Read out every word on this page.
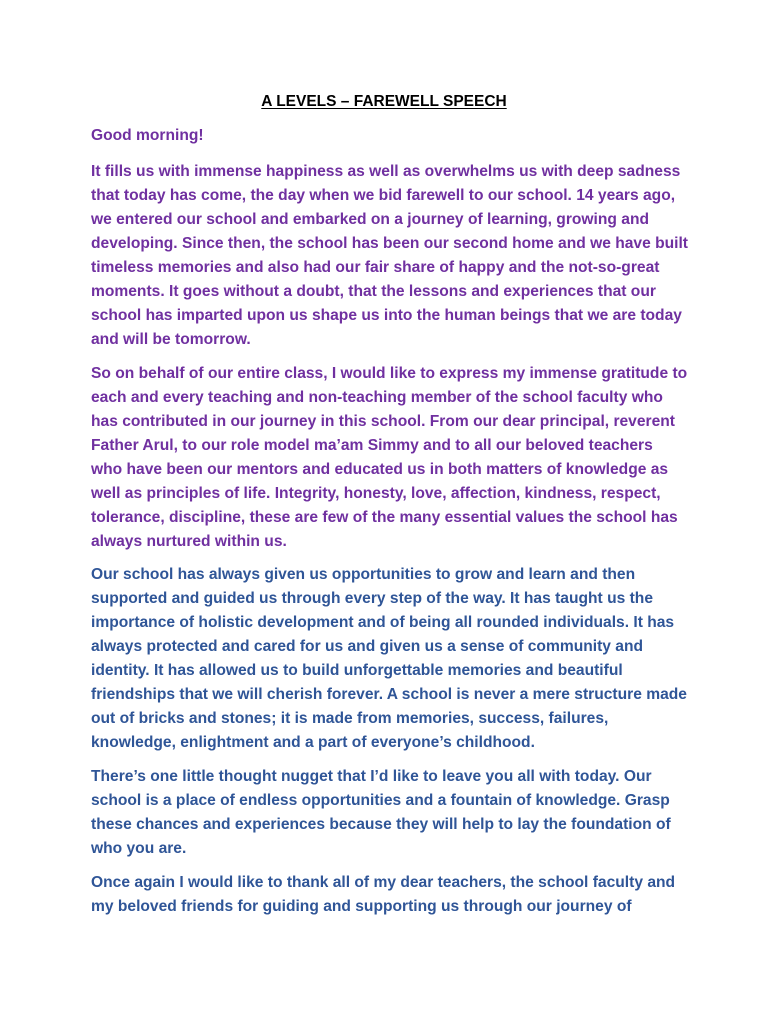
A LEVELS – FAREWELL SPEECH

Good morning!

It fills us with immense happiness as well as overwhelms us with deep sadness
that today has come, the day when we bid farewell to our school. 14 years ago,
we entered our school and embarked on a journey of learning, growing and
developing. Since then, the school has been our second home and we have built
timeless memories and also had our fair share of happy and the not-so-great
moments. It goes without a doubt, that the lessons and experiences that our
school has imparted upon us shape us into the human beings that we are today
and will be tomorrow.

So on behalf of our entire class, I would like to express my immense gratitude to
each and every teaching and non-teaching member of the school faculty who
has contributed in our journey in this school. From our dear principal, reverent
Father Arul, to our role model ma’am Simmy and to all our beloved teachers
who have been our mentors and educated us in both matters of knowledge as
well as principles of life. Integrity, honesty, love, affection, kindness, respect,
tolerance, discipline, these are few of the many essential values the school has
always nurtured within us.

Our school has always given us opportunities to grow and learn and then
supported and guided us through every step of the way. It has taught us the
importance of holistic development and of being all rounded individuals. It has
always protected and cared for us and given us a sense of community and
identity. It has allowed us to build unforgettable memories and beautiful
friendships that we will cherish forever. A school is never a mere structure made
out of bricks and stones; it is made from memories, success, failures,
knowledge, enlightment and a part of everyone’s childhood.

There’s one little thought nugget that I’d like to leave you all with today. Our
school is a place of endless opportunities and a fountain of knowledge. Grasp
these chances and experiences because they will help to lay the foundation of
who you are.

Once again I would like to thank all of my dear teachers, the school faculty and
my beloved friends for guiding and supporting us through our journey of
